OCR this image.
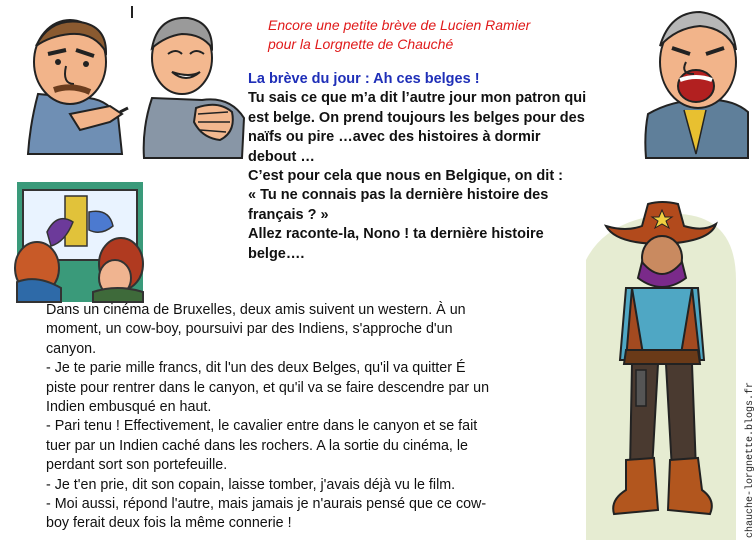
Encore une petite brève de Lucien Ramier
pour la Lorgnette de Chauché
La brève du jour : Ah ces belges !
Tu sais ce que m’a dit l’autre jour mon patron qui
est belge. On prend toujours les belges pour des
naïfs ou pire …avec des histoires à dormir
debout …
C’est pour cela que nous en Belgique, on dit :
« Tu ne connais pas la dernière histoire des
français ? »
Allez raconte-la, Nono ! ta dernière histoire
belge….
Dans un cinéma de Bruxelles, deux amis suivent un western. À un
moment, un cow-boy, poursuivi par des Indiens, s'approche d'un
canyon.
- Je te parie mille francs, dit l'un des deux Belges, qu'il va quitter É
piste pour rentrer dans le canyon, et qu'il va se faire descendre par un
Indien embusqué en haut.
- Pari tenu ! Effectivement, le cavalier entre dans le canyon et se fait
tuer par un Indien caché dans les rochers. A la sortie du cinéma, le
perdant sort son portefeuille.
- Je t'en prie, dit son copain, laisse tomber, j'avais déjà vu le film.
- Moi aussi, répond l'autre, mais jamais je n'aurais pensé que ce cow-
boy ferait deux fois la même connerie !	chauche-lorgnette.blogs.fr
